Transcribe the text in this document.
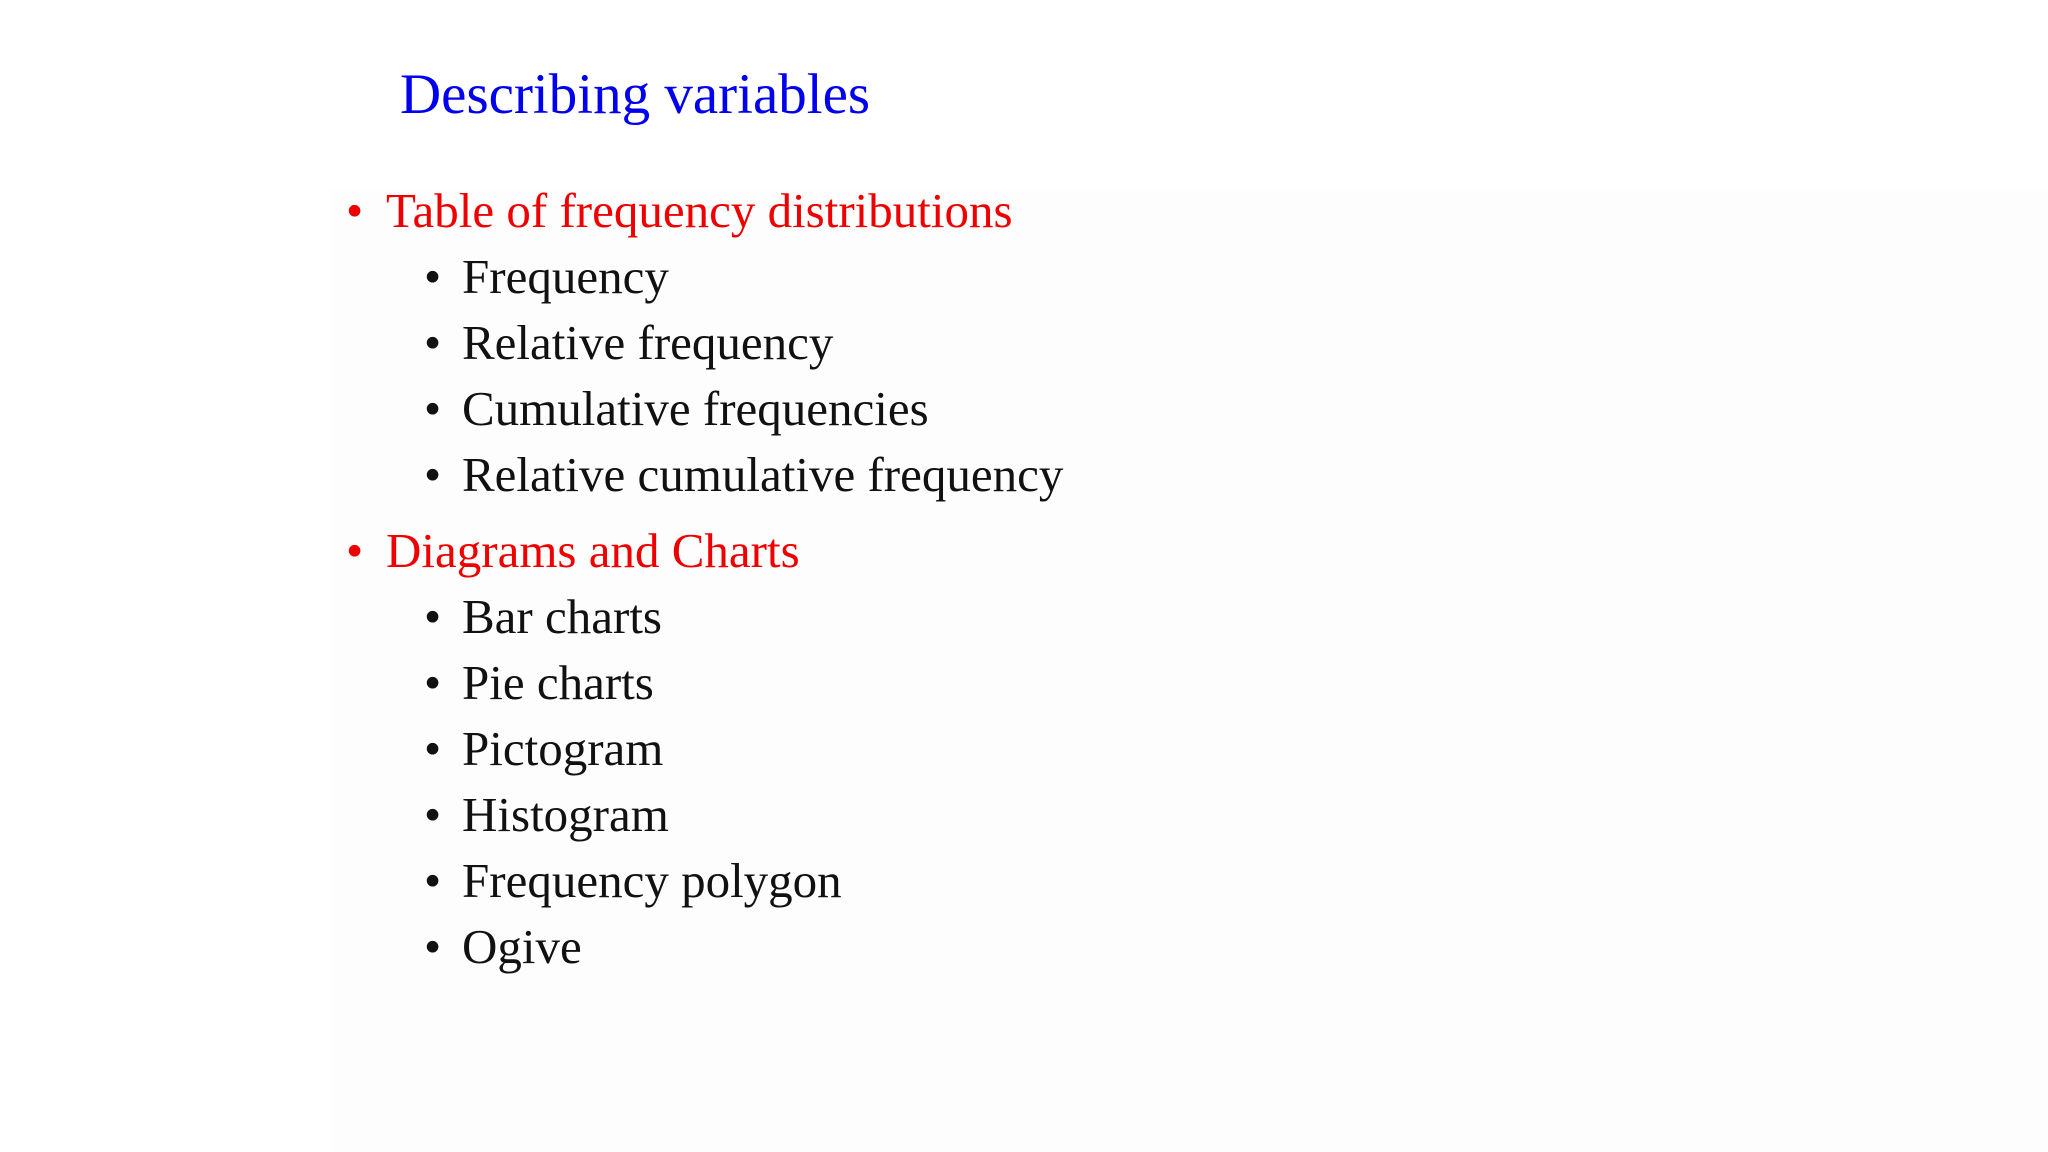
Describing variables
• Table of frequency distributions
• Frequency
• Relative frequency
• Cumulative frequencies
• Relative cumulative frequency
• Diagrams and Charts
• Bar charts
• Pie charts
• Pictogram
• Histogram
• Frequency polygon
• Ogive
